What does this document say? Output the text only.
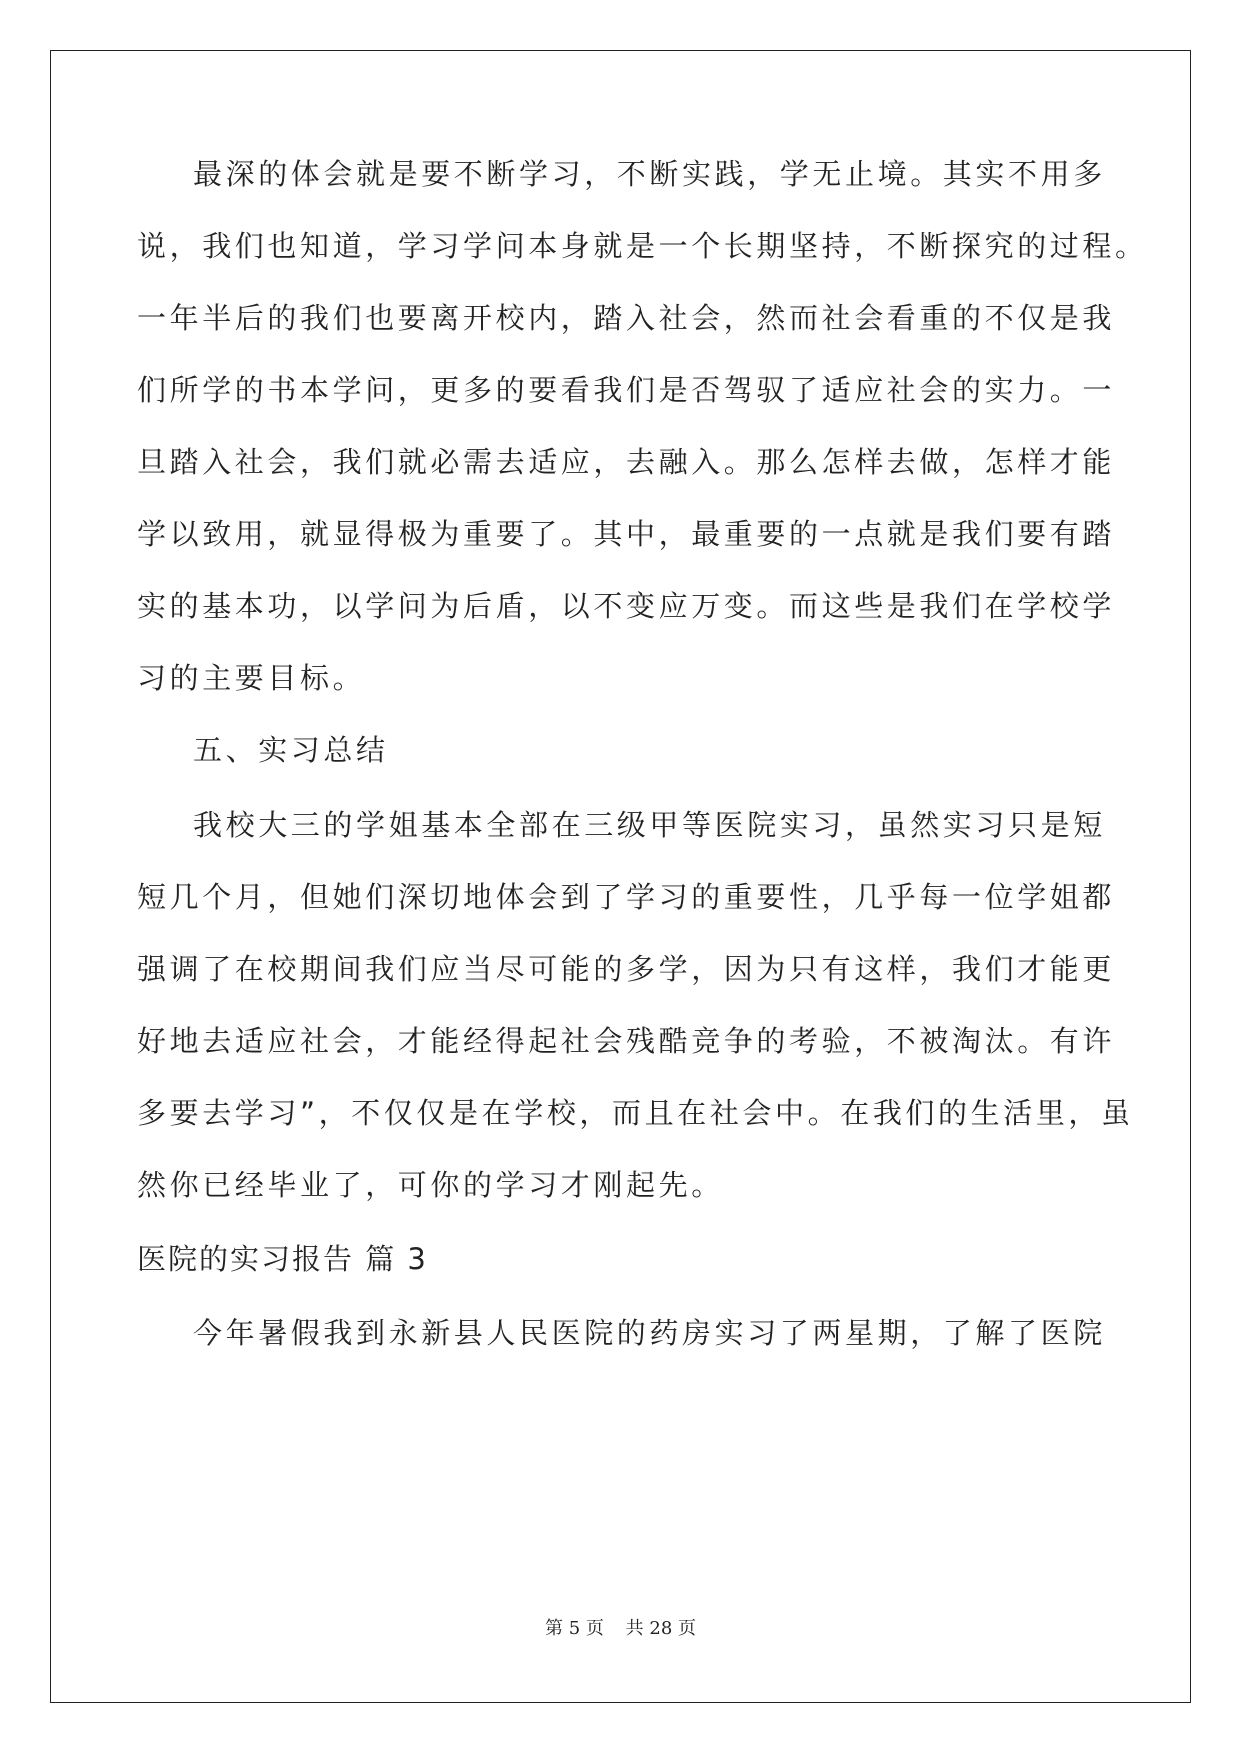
最深的体会就是要不断学习，不断实践，学无止境。其实不用多
说，我们也知道，学习学问本身就是一个长期坚持，不断探究的过程。
一年半后的我们也要离开校内，踏入社会，然而社会看重的不仅是我
们所学的书本学问，更多的要看我们是否驾驭了适应社会的实力。一
旦踏入社会，我们就必需去适应，去融入。那么怎样去做，怎样才能
学以致用，就显得极为重要了。其中，最重要的一点就是我们要有踏
实的基本功，以学问为后盾，以不变应万变。而这些是我们在学校学
习的主要目标。
五、实习总结
我校大三的学姐基本全部在三级甲等医院实习，虽然实习只是短
短几个月，但她们深切地体会到了学习的重要性，几乎每一位学姐都
强调了在校期间我们应当尽可能的多学，因为只有这样，我们才能更
好地去适应社会，才能经得起社会残酷竞争的考验，不被淘汰。有许
多要去学习”，不仅仅是在学校，而且在社会中。在我们的生活里，虽
然你已经毕业了，可你的学习才刚起先。
医院的实习报告 篇 3
今年暑假我到永新县人民医院的药房实习了两星期，了解了医院
第 5 页 共 28 页
